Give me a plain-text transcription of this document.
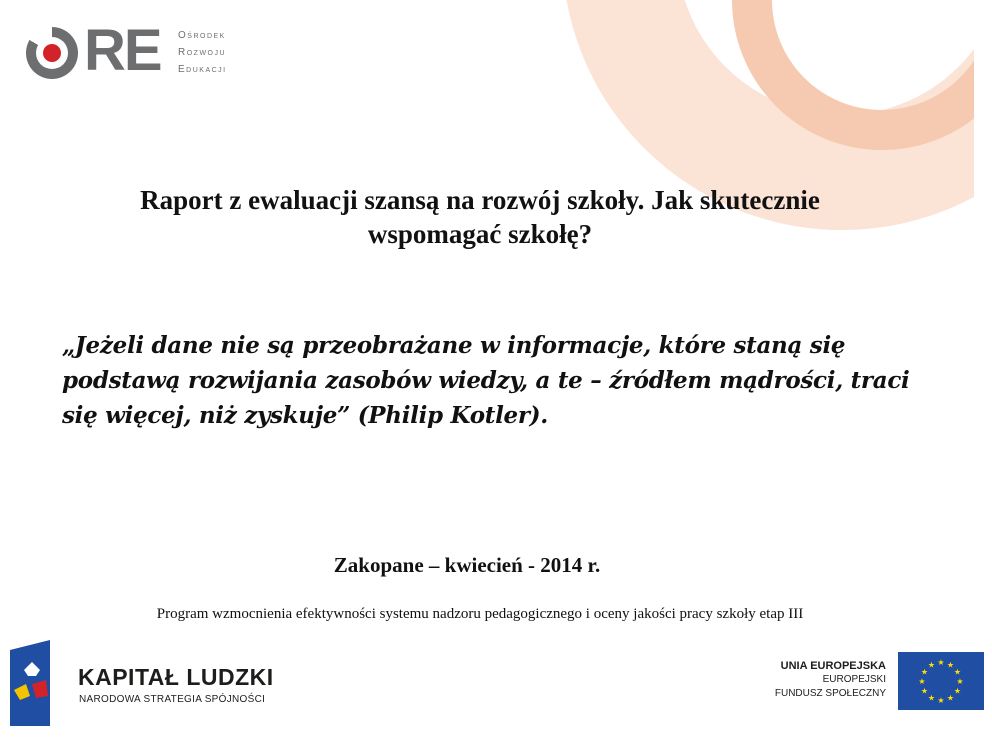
RE Ośrodek
Rozwoju
Edukacji
Raport z ewaluacji szansą na rozwój szkoły. Jak skutecznie
wspomagać szkołę?
„Jeżeli dane nie są przeobrażane w informacje, które staną się
podstawą rozwijania zasobów wiedzy, a te – źródłem mądrości, traci
się więcej, niż zyskuje” (Philip Kotler).
Zakopane – kwiecień - 2014 r.
Program wzmocnienia efektywności systemu nadzoru pedagogicznego i oceny jakości pracy szkoły etap III
KAPITAŁ LUDZKI
NARODOWA STRATEGIA SPÓJNOŚCI
UNIA EUROPEJSKA
EUROPEJSKI
FUNDUSZ SPOŁECZNY
★ ★
★
★
★
★
★
★
★
★
★
★
